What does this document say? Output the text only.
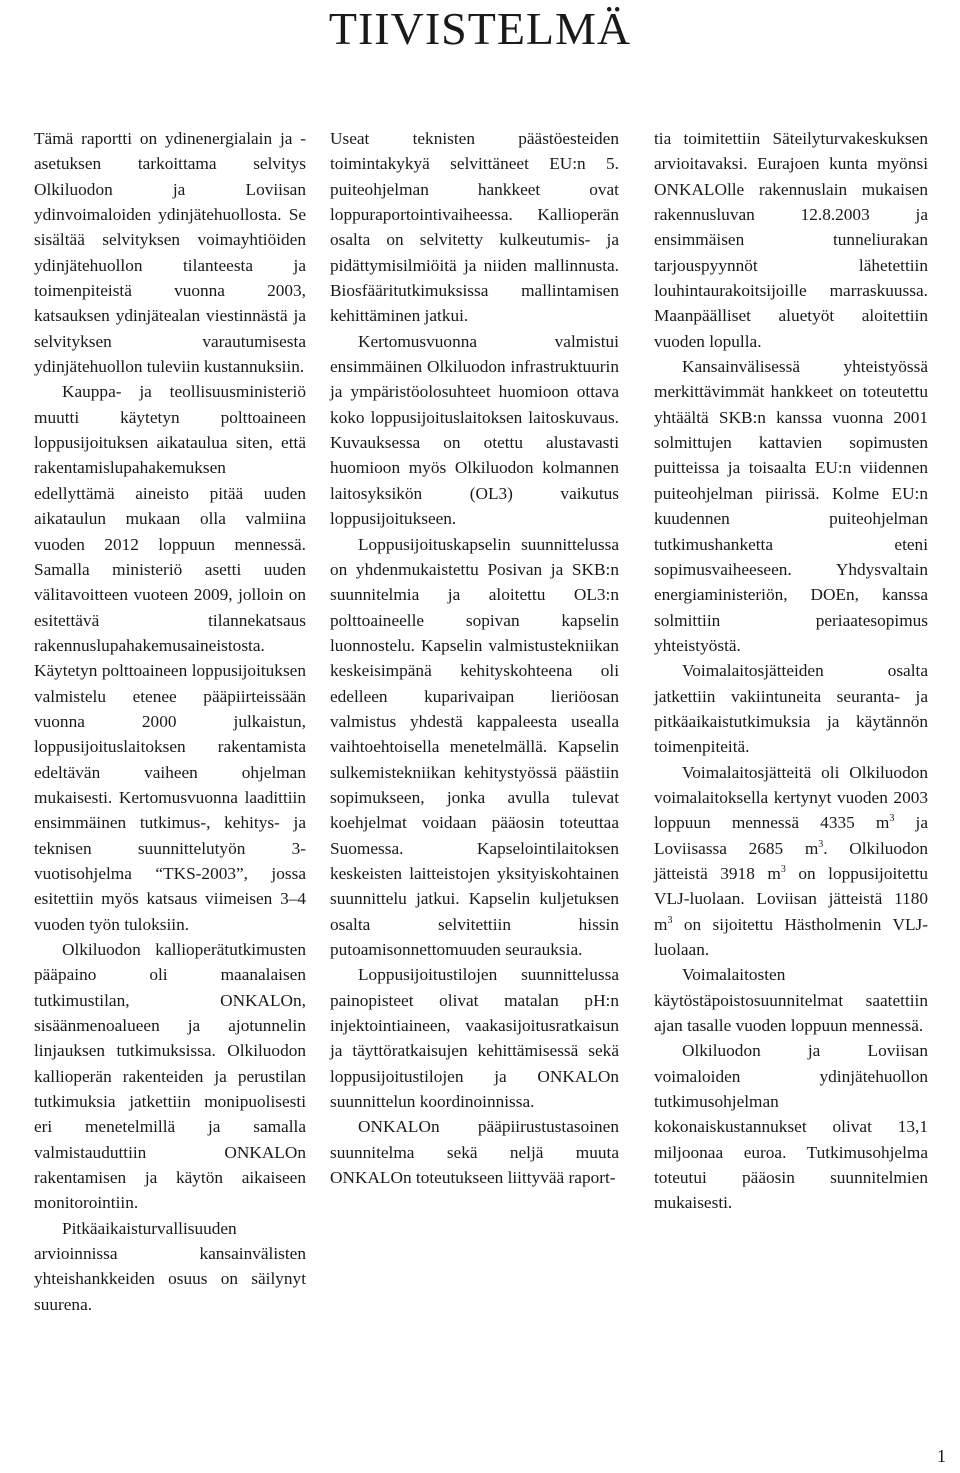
TIIVISTELMÄ

Tämä raportti on ydinenergialain ja -asetuksen tarkoittama selvitys Olkiluodon ja Loviisan ydinvoimaloiden ydinjätehuollosta. Se sisältää selvityksen voimayhtiöiden ydinjätehuollon tilanteesta ja toimenpiteistä vuonna 2003, katsauksen ydinjätealan viestinnästä ja selvityksen varautumisesta ydinjätehuollon tuleviin kustannuksiin.

Kauppa- ja teollisuusministeriö muutti käytetyn polttoaineen loppusijoituksen aikataulua siten, että rakentamislupahakemuksen edellyttämä aineisto pitää uuden aikataulun mukaan olla valmiina vuoden 2012 loppuun mennessä. Samalla ministeriö asetti uuden välitavoitteen vuoteen 2009, jolloin on esitettävä tilannekatsaus rakennuslupahakemusaineistosta. Käytetyn polttoaineen loppusijoituksen valmistelu etenee pääpiirteissään vuonna 2000 julkaistun, loppusijoituslaitoksen rakentamista edeltävän vaiheen ohjelman mukaisesti. Kertomusvuonna laadittiin ensimmäinen tutkimus-, kehitys- ja teknisen suunnittelutyön 3-vuotisohjelma “TKS-2003”, jossa esitettiin myös katsaus viimeisen 3–4 vuoden työn tuloksiin.

Olkiluodon kallioperätutkimusten pääpaino oli maanalaisen tutkimustilan, ONKALOn, sisäänmenoalueen ja ajotunnelin linjauksen tutkimuksissa. Olkiluodon kallioperän rakenteiden ja perustilan tutkimuksia jatkettiin monipuolisesti eri menetelmillä ja samalla valmistauduttiin ONKALOn rakentamisen ja käytön aikaiseen monitorointiin.

Pitkäaikaisturvallisuuden arvioinnissa kansainvälisten yhteishankkeiden osuus on säilynyt suurena.

Useat teknisten päästöesteiden toimintakykyä selvittäneet EU:n 5. puiteohjelman hankkeet ovat loppuraportointivaiheessa. Kallioperän osalta on selvitetty kulkeutumis- ja pidättymisilmiöitä ja niiden mallinnusta. Biosfääritutkimuksissa mallintamisen kehittäminen jatkui.

Kertomusvuonna valmistui ensimmäinen Olkiluodon infrastruktuurin ja ympäristöolosuhteet huomioon ottava koko loppusijoituslaitoksen laitoskuvaus. Kuvauksessa on otettu alustavasti huomioon myös Olkiluodon kolmannen laitosyksikön (OL3) vaikutus loppusijoitukseen.

Loppusijoituskapselin suunnittelussa on yhdenmukaistettu Posivan ja SKB:n suunnitelmia ja aloitettu OL3:n polttoaineelle sopivan kapselin luonnostelu. Kapselin valmistustekniikan keskeisimpänä kehityskohteena oli edelleen kuparivaipan lieriöosan valmistus yhdestä kappaleesta usealla vaihtoehtoisella menetelmällä. Kapselin sulkemistekniikan kehitystyössä päästiin sopimukseen, jonka avulla tulevat koehjelmat voidaan pääosin toteuttaa Suomessa. Kapselointilaitoksen keskeisten laitteistojen yksityiskohtainen suunnittelu jatkui. Kapselin kuljetuksen osalta selvitettiin hissin putoamisonnettomuuden seurauksia.

Loppusijoitustilojen suunnittelussa painopisteet olivat matalan pH:n injektointiaineen, vaakasijoitusratkaisun ja täyttöratkaisujen kehittämisessä sekä loppusijoitustilojen ja ONKALOn suunnittelun koordinoinnissa.

ONKALOn pääpiirustustasoinen suunnitelma sekä neljä muuta ONKALOn toteutukseen liittyvää raport-

tia toimitettiin Säteilyturvakeskuksen arvioitavaksi. Eurajoen kunta myönsi ONKALOlle rakennuslain mukaisen rakennusluvan 12.8.2003 ja ensimmäisen tunneliurakan tarjouspyynnöt lähetettiin louhintaurakoitsijoille marraskuussa. Maanpäälliset aluetyöt aloitettiin vuoden lopulla.

Kansainvälisessä yhteistyössä merkittävimmät hankkeet on toteutettu yhtäältä SKB:n kanssa vuonna 2001 solmittujen kattavien sopimusten puitteissa ja toisaalta EU:n viidennen puiteohjelman piirissä. Kolme EU:n kuudennen puiteohjelman tutkimushanketta eteni sopimusvaiheeseen. Yhdysvaltain energiaministeriön, DOEn, kanssa solmittiin periaatesopimus yhteistyöstä.

Voimalaitosjätteiden osalta jatkettiin vakiintuneita seuranta- ja pitkäaikaistutkimuksia ja käytännön toimenpiteitä.

Voimalaitosjätteitä oli Olkiluodon voimalaitoksella kertynyt vuoden 2003 loppuun mennessä 4335 $m^3$ ja Loviisassa 2685 $m^3$. Olkiluodon jätteistä 3918 $m^3$ on loppusijoitettu VLJ-luolaan. Loviisan jätteistä 1180 $m^3$ on sijoitettu Hästholmenin VLJ-luolaan.

Voimalaitosten käytöstäpoistosuunnitelmat saatettiin ajan tasalle vuoden loppuun mennessä.

Olkiluodon ja Loviisan voimaloiden ydinjätehuollon tutkimusohjelman kokonaiskustannukset olivat 13,1 miljoonaa euroa. Tutkimusohjelma toteutui pääosin suunnitelmien mukaisesti.

1
